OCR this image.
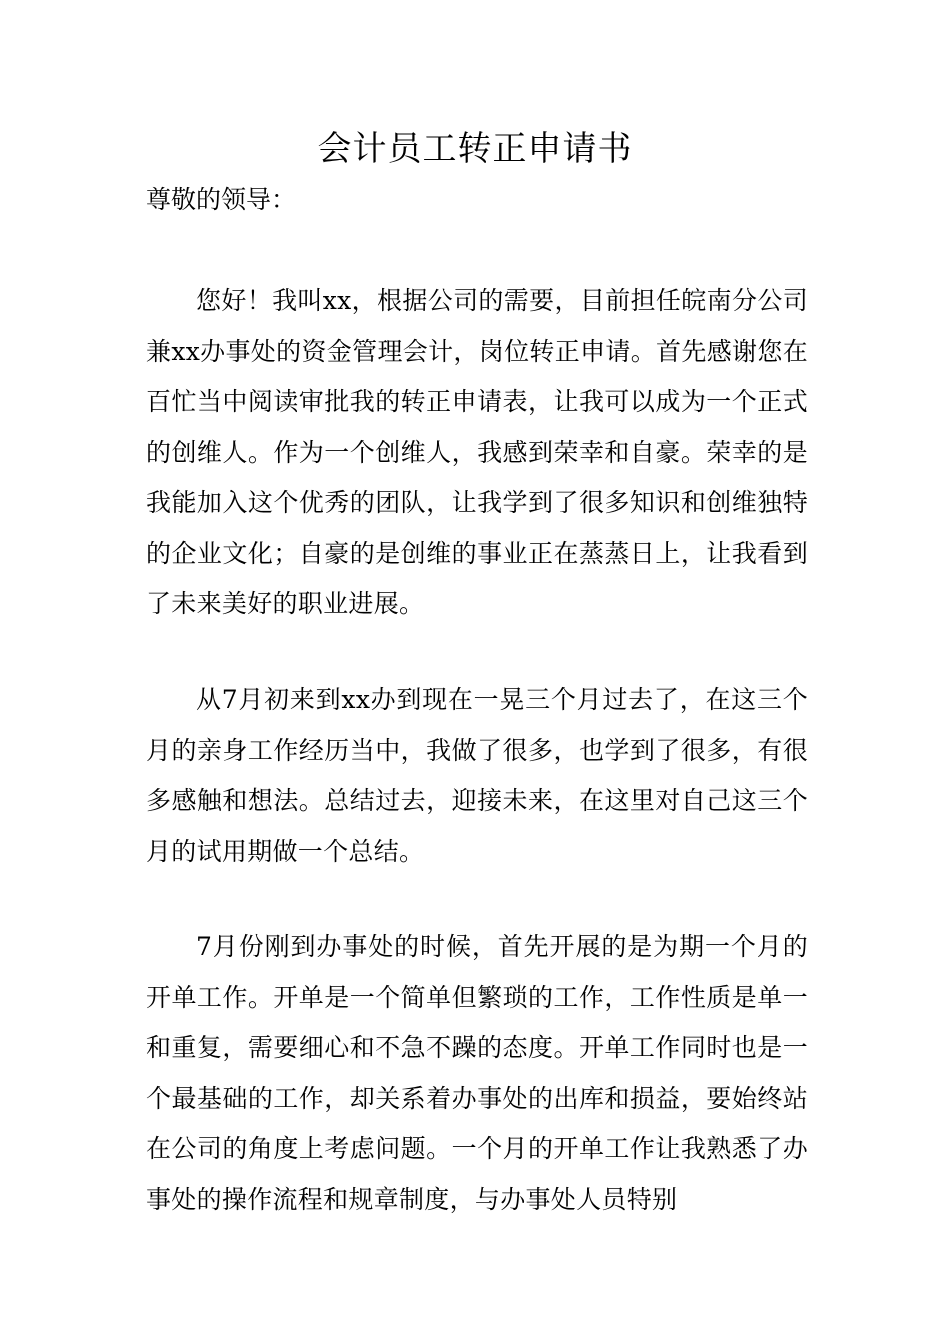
会计员工转正申请书

尊敬的领导：

您好！我叫xx，根据公司的需要，目前担任皖南分公司兼xx办事处的资金管理会计，岗位转正申请。首先感谢您在百忙当中阅读审批我的转正申请表，让我可以成为一个正式的创维人。作为一个创维人，我感到荣幸和自豪。荣幸的是我能加入这个优秀的团队，让我学到了很多知识和创维独特的企业文化；自豪的是创维的事业正在蒸蒸日上，让我看到了未来美好的职业进展。

从7月初来到xx办到现在一晃三个月过去了，在这三个月的亲身工作经历当中，我做了很多，也学到了很多，有很多感触和想法。总结过去，迎接未来，在这里对自己这三个月的试用期做一个总结。

7月份刚到办事处的时候，首先开展的是为期一个月的开单工作。开单是一个简单但繁琐的工作，工作性质是单一和重复，需要细心和不急不躁的态度。开单工作同时也是一个最基础的工作，却关系着办事处的出库和损益，要始终站在公司的角度上考虑问题。一个月的开单工作让我熟悉了办事处的操作流程和规章制度，与办事处人员特别
